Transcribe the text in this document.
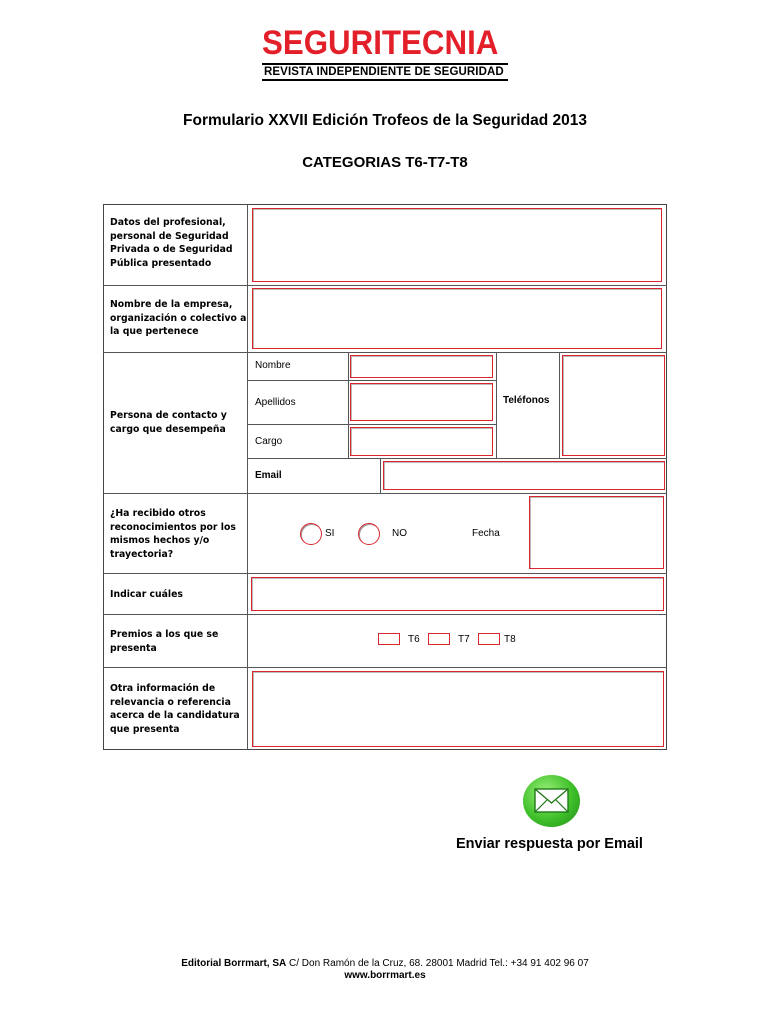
SEGURITECNIA
REVISTA INDEPENDIENTE DE SEGURIDAD
Formulario XXVII Edición Trofeos de la Seguridad 2013
CATEGORIAS T6-T7-T8
Datos del profesional,
personal de Seguridad
Privada o de Seguridad
Pública presentado
Nombre de la empresa,
organización o colectivo a
la que pertenece
Persona de contacto y
cargo que desempeña
Nombre
Apellidos
Cargo
Teléfonos
Email
¿Ha recibido otros
reconocimientos por los
mismos hechos y/o
trayectoria?
SI	NO	Fecha
Indicar cuáles
Premios a los que se
presenta
T6	T7	T8
Otra información de
relevancia o referencia
acerca de la candidatura
que presenta
Enviar respuesta por Email
Editorial Borrmart, SA C/ Don Ramón de la Cruz, 68. 28001 Madrid Tel.: +34 91 402 96 07
www.borrmart.es
